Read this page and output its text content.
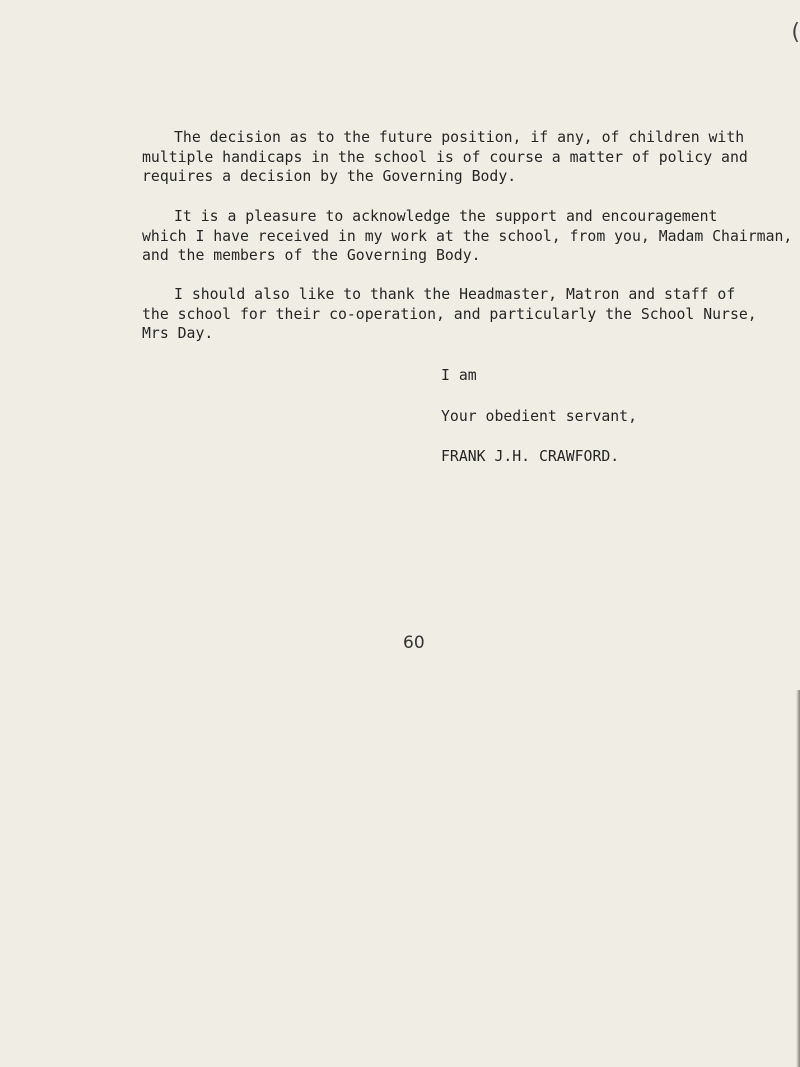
(

The decision as to the future position, if any, of children with
multiple handicaps in the school is of course a matter of policy and
requires a decision by the Governing Body.

It is a pleasure to acknowledge the support and encouragement
which I have received in my work at the school, from you, Madam Chairman,
and the members of the Governing Body.

I should also like to thank the Headmaster, Matron and staff of
the school for their co-operation, and particularly the School Nurse,
Mrs Day.

I am

Your obedient servant,

FRANK J.H. CRAWFORD.

60
